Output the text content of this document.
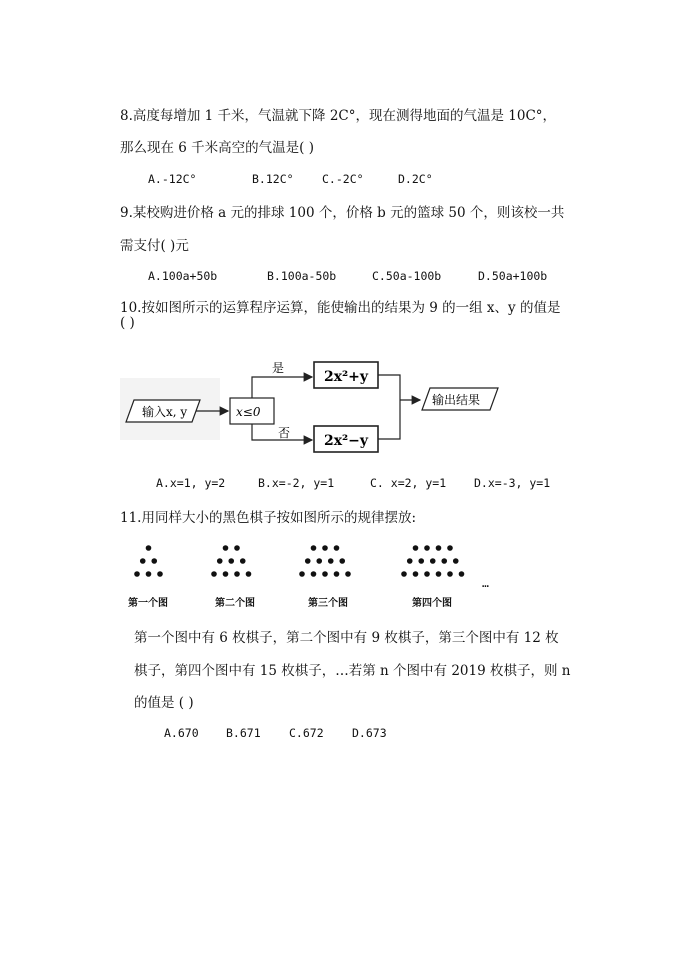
8.高度每增加 1 千米，气温就下降 2C°，现在测得地面的气温是 10C°，
那么现在 6 千米高空的气温是( )
A.-12C°	B.12C° C.-2C°	D.2C°
9.某校购进价格 a 元的排球 100 个，价格 b 元的篮球 50 个，则该校一共
需支付( )元
A.100a+50b	B.100a-50b	C.50a-100b	D.50a+100b
10.按如图所示的运算程序运算，能使输出的结果为 9 的一组 x、y 的值是
( )
输入x, y	x≤0
是
否
2x²+y
2x²−y
输出结果
A.x=1, y=2	B.x=-2, y=1	C. x=2, y=1 D.x=-3, y=1
11.用同样大小的黑色棋子按如图所示的规律摆放:
…
第一个图	第二个图	第三个图	第四个图
第一个图中有 6 枚棋子，第二个图中有 9 枚棋子，第三个图中有 12 枚
棋子，第四个图中有 15 枚棋子，…若第 n 个图中有 2019 枚棋子，则 n
的值是 ( )
A.670 B.671 C.672 D.673
